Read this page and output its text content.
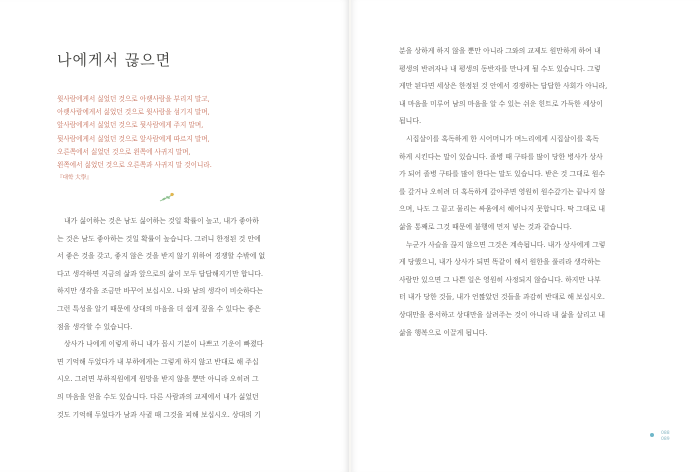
나에게서 끊으면
윗사람에게서 싫었던 것으로 아랫사람을 부리지 말고,
아랫사람에게서 싫었던 것으로 윗사람을 섬기지 말며,
앞사람에게서 싫었던 것으로 뒷사람에게 주지 말며,
뒷사람에게서 싫었던 것으로 앞사람에게 따르지 말며,
오른쪽에서 싫었던 것으로 왼쪽에 사귀지 말며,
왼쪽에서 싫었던 것으로 오른쪽과 사귀지 말 것이니라.
『대학 大學』
내가 싫어하는 것은 남도 싫어하는 것일 확률이 높고, 내가 좋아하
는 것은 남도 좋아하는 것일 확률이 높습니다. 그러니 한정된 것 안에
서 좋은 것을 갖고, 좋지 않은 것을 받지 않기 위하여 경쟁할 수밖에 없
다고 생각하면 지금의 삶과 앞으로의 삶이 모두 답답해지기만 합니다.
하지만 생각을 조금만 바꾸어 보십시오. 나와 남의 생각이 비슷하다는
그런 특성을 알기 때문에 상대의 마음을 더 쉽게 짚을 수 있다는 좋은
점을 생각할 수 있습니다.
상사가 나에게 이렇게 하니 내가 몹시 기분이 나쁘고 기운이 빠졌다
면 기억해 두었다가 내 부하에게는 그렇게 하지 않고 반대로 해 주십
시오. 그러면 부하직원에게 원망을 받지 않을 뿐만 아니라 오히려 그
의 마음을 얻을 수도 있습니다. 다른 사람과의 교제에서 내가 싫었던
것도 기억해 두었다가 남과 사귈 때 그것을 피해 보십시오. 상대의 기
분을 상하게 하지 않을 뿐만 아니라 그와의 교제도 원만하게 하여 내
평생의 반려자나 내 평생의 동반자를 만나게 될 수도 있습니다. 그렇
게만 된다면 세상은 한정된 것 안에서 경쟁하는 답답한 사회가 아니라,
내 마음을 미루어 남의 마음을 알 수 있는 쉬운 힌트로 가득한 세상이
됩니다.
시집살이를 혹독하게 한 시어머니가 며느리에게 시집살이를 혹독
하게 시킨다는 말이 있습니다. 졸병 때 구타를 많이 당한 병사가 상사
가 되어 졸병 구타를 많이 한다는 말도 있습니다. 받은 것 그대로 원수
를 갚거나 오히려 더 혹독하게 갚아주면 영원히 원수갚기는 끝나지 않
으며, 나도 그 끝고 물리는 싸움에서 헤어나지 못합니다. 딱 그대로 내
삶을 통째로 그것 때문에 불행에 먼저 넣는 것과 같습니다.
누군가 사슬을 끊지 않으면 그것은 계속됩니다. 내가 상사에게 그렇
게 당했으니, 내가 상사가 되면 똑같이 해서 원한을 풀리라 생각하는
사람만 있으면 그 나쁜 일은 영원히 사정되지 않습니다. 하지만 나부
터 내가 당한 것들, 내가 언짢았던 것들을 과감히 반대로 해 보십시오.
상대만을 용서하고 상대만을 살려주는 것이 아니라 내 삶을 살리고 내
삶을 행복으로 이끌게 됩니다.
088
089
